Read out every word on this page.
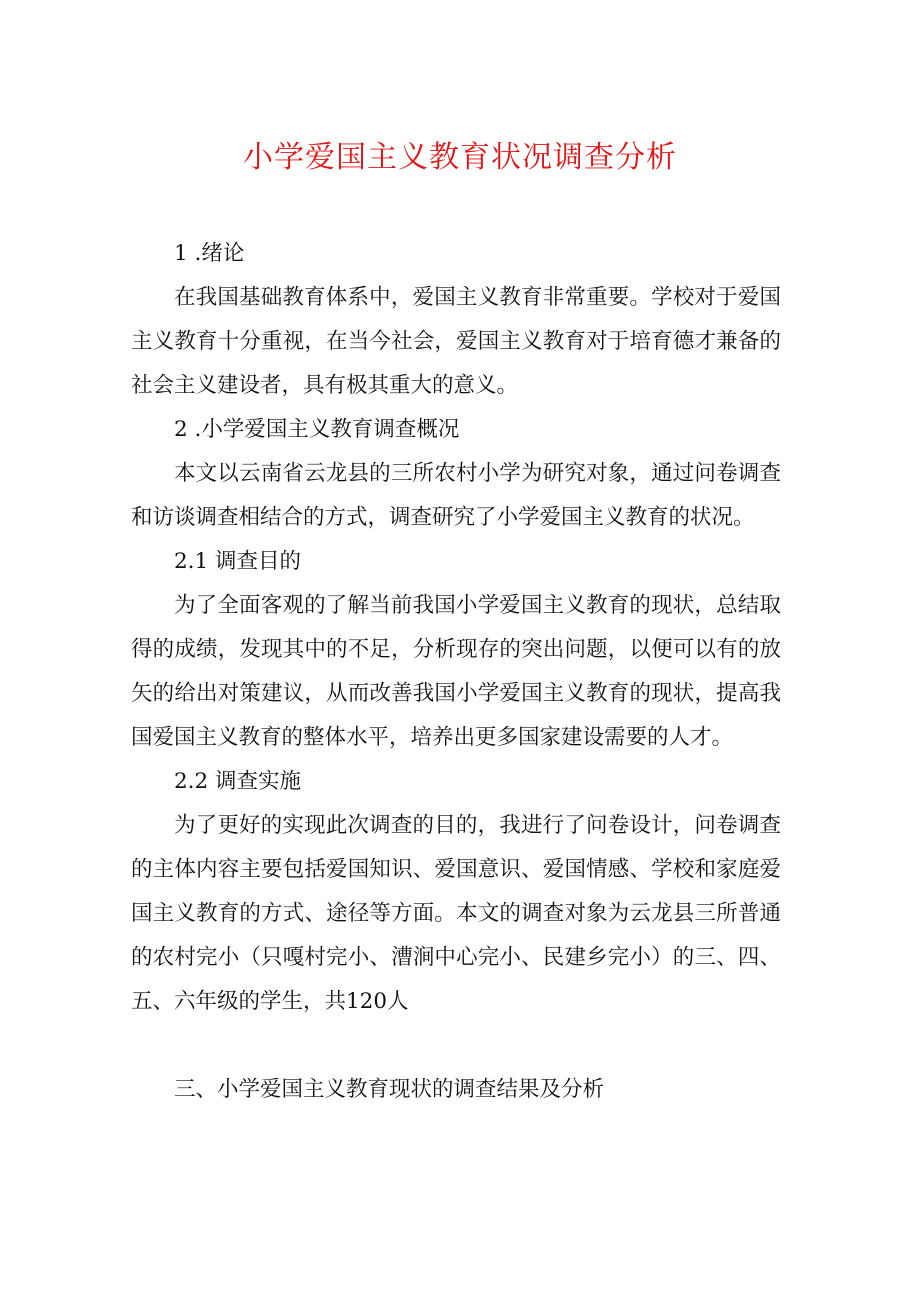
小学爱国主义教育状况调查分析

1 .绪论

在我国基础教育体系中，爱国主义教育非常重要。学校对于爱国主义教育十分重视，在当今社会，爱国主义教育对于培育德才兼备的社会主义建设者，具有极其重大的意义。

2 .小学爱国主义教育调查概况

本文以云南省云龙县的三所农村小学为研究对象，通过问卷调查和访谈调查相结合的方式，调查研究了小学爱国主义教育的状况。

2.1 调查目的

为了全面客观的了解当前我国小学爱国主义教育的现状，总结取得的成绩，发现其中的不足，分析现存的突出问题，以便可以有的放矢的给出对策建议，从而改善我国小学爱国主义教育的现状，提高我国爱国主义教育的整体水平，培养出更多国家建设需要的人才。

2.2 调查实施

为了更好的实现此次调查的目的，我进行了问卷设计，问卷调查的主体内容主要包括爱国知识、爱国意识、爱国情感、学校和家庭爱国主义教育的方式、途径等方面。本文的调查对象为云龙县三所普通的农村完小（只嘎村完小、漕涧中心完小、民建乡完小）的三、四、五、六年级的学生，共120人

三、小学爱国主义教育现状的调查结果及分析
